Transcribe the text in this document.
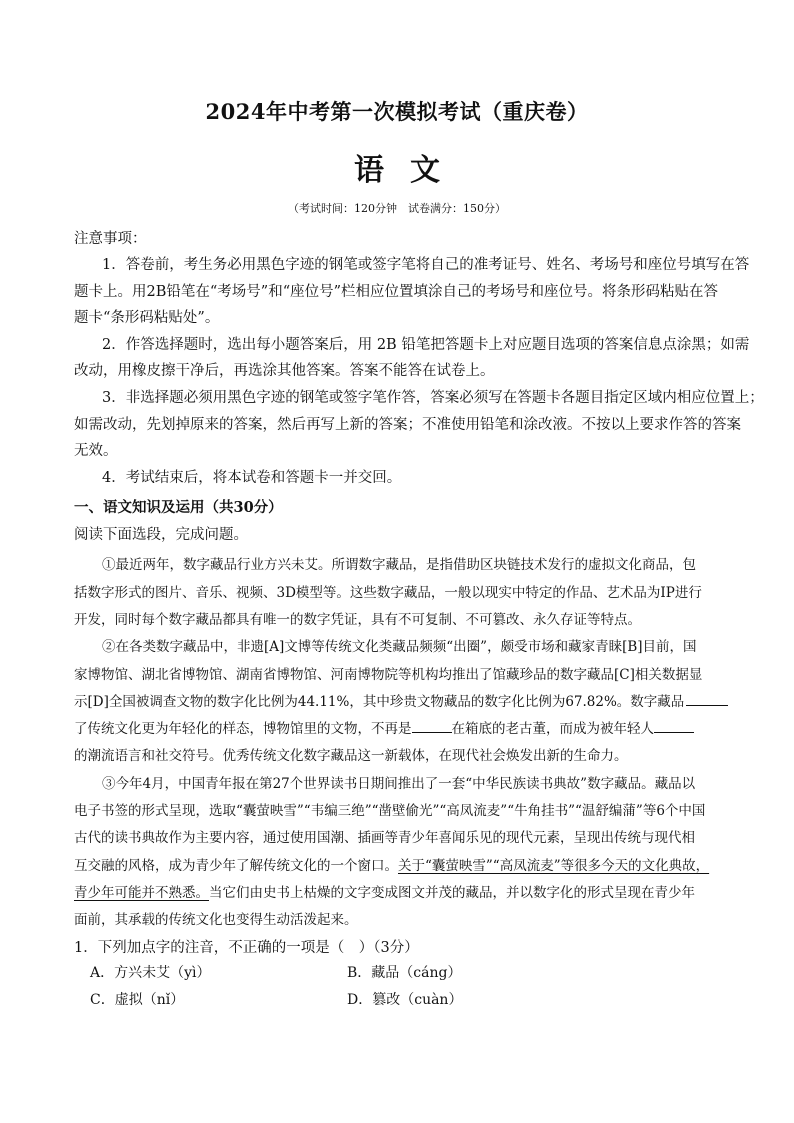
2024年中考第一次模拟考试（重庆卷）
语文
（考试时间：120分钟　试卷满分：150分）
注意事项：
1．答卷前，考生务必用黑色字迹的钢笔或签字笔将自己的准考证号、姓名、考场号和座位号填写在答
题卡上。用2B铅笔在“考场号”和“座位号”栏相应位置填涂自己的考场号和座位号。将条形码粘贴在答
题卡“条形码粘贴处”。
2．作答选择题时，选出每小题答案后，用 2B 铅笔把答题卡上对应题目选项的答案信息点涂黑；如需
改动，用橡皮擦干净后，再选涂其他答案。答案不能答在试卷上。
3．非选择题必须用黑色字迹的钢笔或签字笔作答，答案必须写在答题卡各题目指定区域内相应位置上；
如需改动，先划掉原来的答案，然后再写上新的答案；不准使用铅笔和涂改液。不按以上要求作答的答案
无效。
4．考试结束后，将本试卷和答题卡一并交回。
一、语文知识及运用（共30分）
阅读下面选段，完成问题。
①最近两年，数字藏品行业方兴未艾。所谓数字藏品，是指借助区块链技术发行的虚拟文化商品，包
括数字形式的图片、音乐、视频、3D模型等。这些数字藏品，一般以现实中特定的作品、艺术品为IP进行
开发，同时每个数字藏品都具有唯一的数字凭证，具有不可复制、不可篡改、永久存证等特点。
②在各类数字藏品中，非遗[A]文博等传统文化类藏品频频“出圈”，颇受市场和藏家青睐[B]目前，国
家博物馆、湖北省博物馆、湖南省博物馆、河南博物院等机构均推出了馆藏珍品的数字藏品[C]相关数据显
示[D]全国被调查文物的数字化比例为44.11%，其中珍贵文物藏品的数字化比例为67.82%。数字藏品
了传统文化更为年轻化的样态，博物馆里的文物，不再是	在箱底的老古董，而成为被年轻人
的潮流语言和社交符号。优秀传统文化数字藏品这一新载体，在现代社会焕发出新的生命力。
③今年4月，中国青年报在第27个世界读书日期间推出了一套“中华民族读书典故”数字藏品。藏品以
电子书签的形式呈现，选取“囊萤映雪”“韦编三绝”“凿壁偷光”“高凤流麦”“牛角挂书”“温舒编蒲”等6个中国
古代的读书典故作为主要内容，通过使用国潮、插画等青少年喜闻乐见的现代元素，呈现出传统与现代相
互交融的风格，成为青少年了解传统文化的一个窗口。关于“囊萤映雪”“高凤流麦”等很多今天的文化典故，
青少年可能并不熟悉。当它们由史书上枯燥的文字变成图文并茂的藏品，并以数字化的形式呈现在青少年
面前，其承载的传统文化也变得生动活泼起来。
1．下列加点字的注音，不正确的一项是（　）（3分）
A．方兴未艾（yì）	B．藏品（cáng）
C．虚拟（nǐ）	D．篡改（cuàn）
